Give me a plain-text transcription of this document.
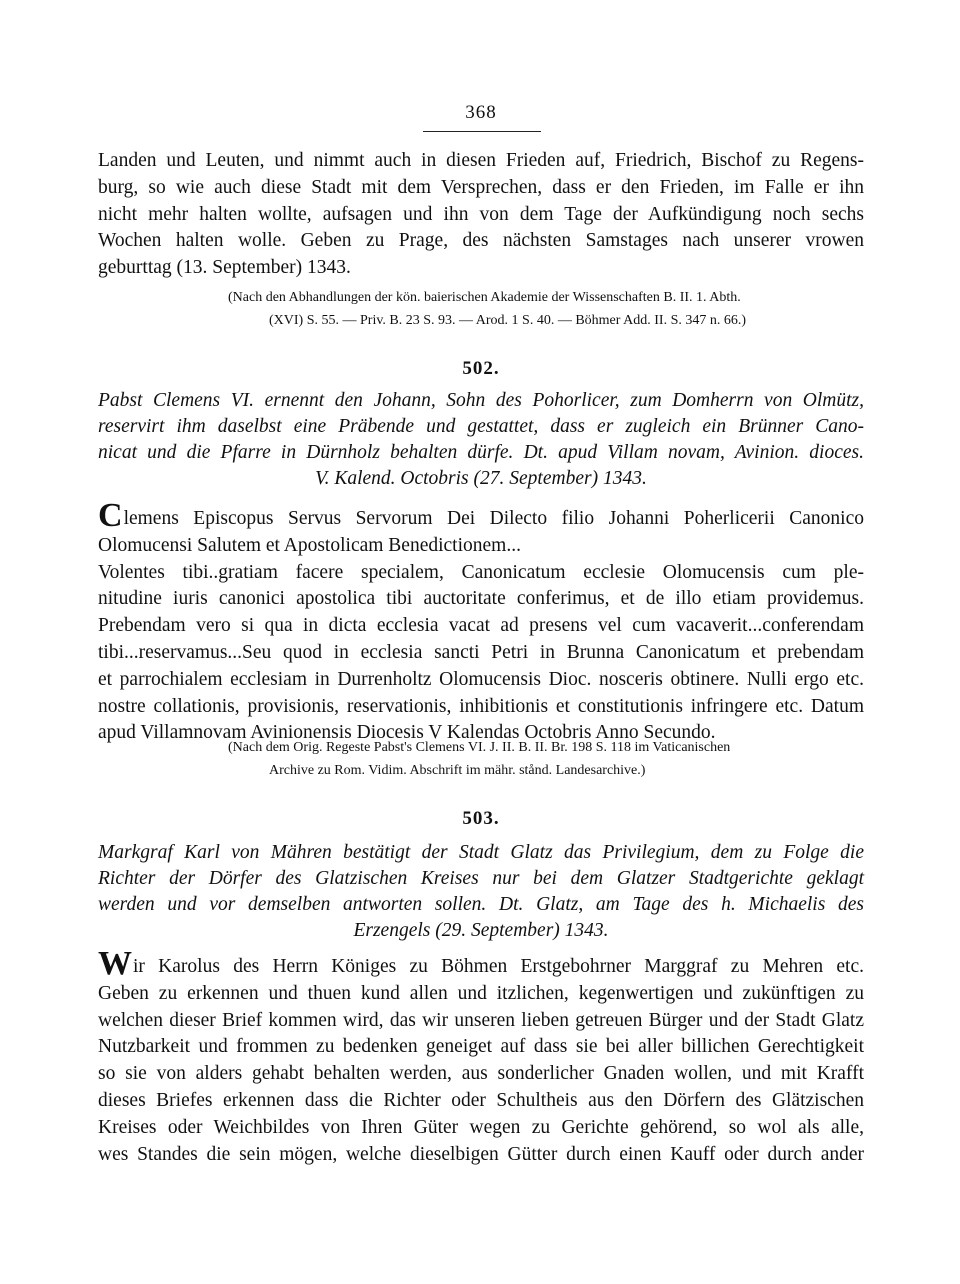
368

Landen und Leuten, und nimmt auch in diesen Frieden auf, Friedrich, Bischof zu Regens-
burg, so wie auch diese Stadt mit dem Versprechen, dass er den Frieden, im Falle er ihn
nicht mehr halten wollte, aufsagen und ihn von dem Tage der Aufkündigung noch sechs
Wochen halten wolle. Geben zu Prage, des nächsten Samstages nach unserer vrowen
geburttag (13. September) 1343.

(Nach den Abhandlungen der kön. baierischen Akademie der Wissenschaften B. II. 1. Abth.
(XVI) S. 55. — Priv. B. 23 S. 93. — Arod. 1 S. 40. — Böhmer Add. II. S. 347 n. 66.)

502.

Pabst Clemens VI. ernennt den Johann, Sohn des Pohorlicer, zum Domherrn von Olmütz,
reservirt ihm daselbst eine Präbende und gestattet, dass er zugleich ein Brünner Cano-
nicat und die Pfarre in Dürnholz behalten dürfe. Dt. apud Villam novam, Avinion. dioces.
V. Kalend. Octobris (27. September) 1343.

Clemens Episcopus Servus Servorum Dei Dilecto filio Johanni Poherlicerii Canonico
Olomucensi Salutem et Apostolicam Benedictionem...
Volentes tibi..gratiam facere specialem, Canonicatum ecclesie Olomucensis cum ple-
nitudine iuris canonici apostolica tibi auctoritate conferimus, et de illo etiam providemus.
Prebendam vero si qua in dicta ecclesia vacat ad presens vel cum vacaverit...conferendam
tibi...reservamus...Seu quod in ecclesia sancti Petri in Brunna Canonicatum et prebendam
et parrochialem ecclesiam in Durrenholtz Olomucensis Dioc. nosceris obtinere. Nulli ergo etc.
nostre collationis, provisionis, reservationis, inhibitionis et constitutionis infringere etc. Datum
apud Villamnovam Avinionensis Diocesis V Kalendas Octobris Anno Secundo.

(Nach dem Orig. Regeste Pabst's Clemens VI. J. II. B. II. Br. 198 S. 118 im Vaticanischen
Archive zu Rom. Vidim. Abschrift im mähr. stånd. Landesarchive.)

503.

Markgraf Karl von Mähren bestätigt der Stadt Glatz das Privilegium, dem zu Folge die
Richter der Dörfer des Glatzischen Kreises nur bei dem Glatzer Stadtgerichte geklagt
werden und vor demselben antworten sollen. Dt. Glatz, am Tage des h. Michaelis des
Erzengels (29. September) 1343.

Wir Karolus des Herrn Königes zu Böhmen Erstgebohrner Marggraf zu Mehren etc.
Geben zu erkennen und thuen kund allen und itzlichen, kegenwertigen und zukünftigen zu
welchen dieser Brief kommen wird, das wir unseren lieben getreuen Bürger und der Stadt Glatz
Nutzbarkeit und frommen zu bedenken geneiget auf dass sie bei aller billichen Gerechtigkeit
so sie von alders gehabt behalten werden, aus sonderlicher Gnaden wollen, und mit Krafft
dieses Briefes erkennen dass die Richter oder Schultheis aus den Dörfern des Glätzischen
Kreises oder Weichbildes von Ihren Güter wegen zu Gerichte gehörend, so wol als alle,
wes Standes die sein mögen, welche dieselbigen Gütter durch einen Kauff oder durch ander
